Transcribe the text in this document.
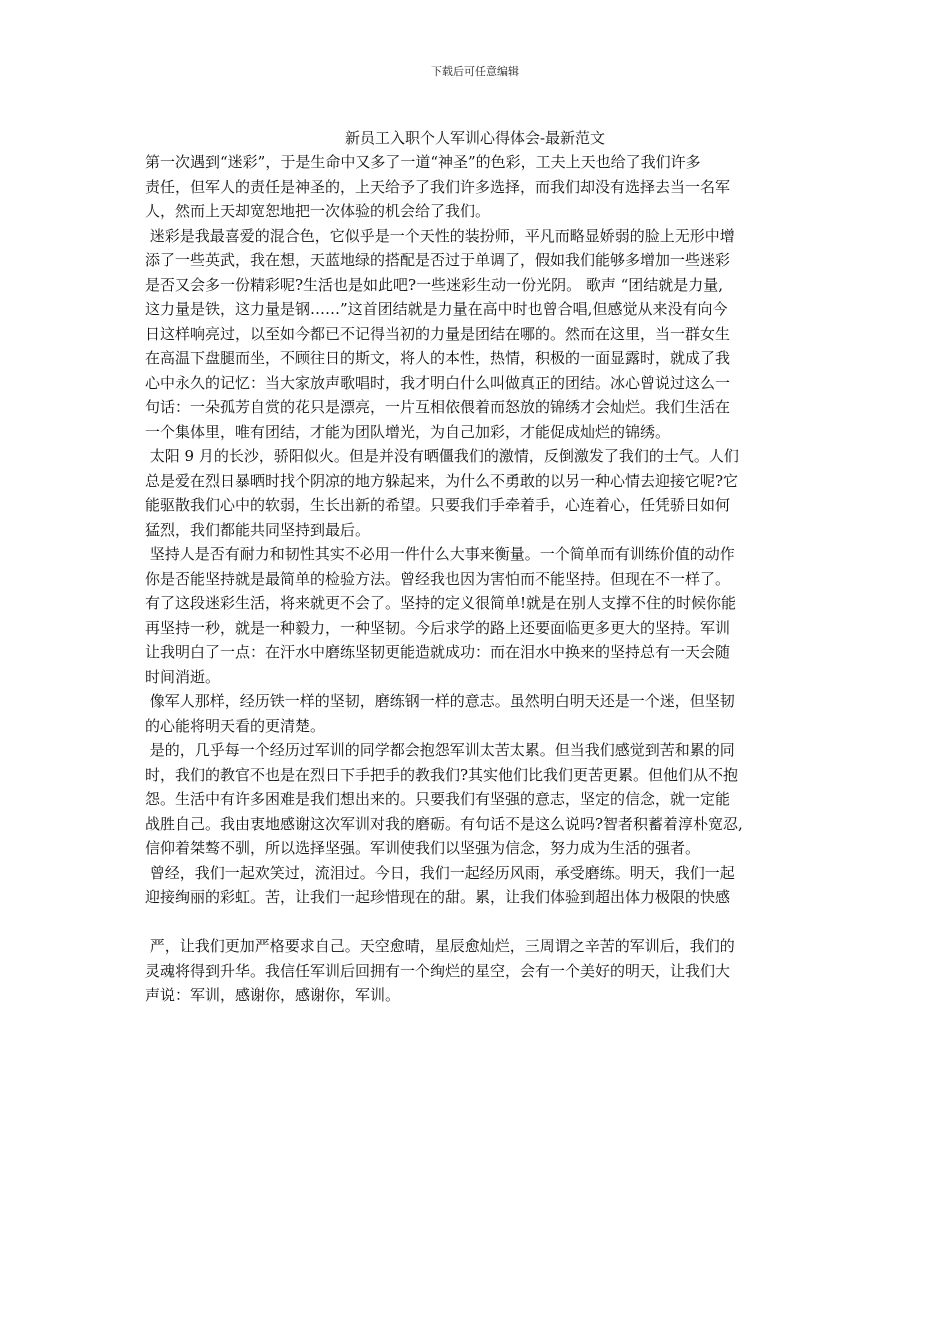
下载后可任意编辑
新员工入职个人军训心得体会-最新范文
第一次遇到“迷彩”，于是生命中又多了一道“神圣”的色彩，工夫上天也给了我们许多
责任，但军人的责任是神圣的，上天给予了我们许多选择，而我们却没有选择去当一名军
人，然而上天却宽恕地把一次体验的机会给了我们。
迷彩是我最喜爱的混合色，它似乎是一个天性的装扮师，平凡而略显娇弱的脸上无形中增
添了一些英武，我在想，天蓝地绿的搭配是否过于单调了，假如我们能够多增加一些迷彩
是否又会多一份精彩呢?生活也是如此吧?一些迷彩生动一份光阴。 歌声 “团结就是力量,
这力量是铁，这力量是钢……”这首团结就是力量在高中时也曾合唱,但感觉从来没有向今
日这样响亮过，以至如今都已不记得当初的力量是团结在哪的。然而在这里，当一群女生
在高温下盘腿而坐，不顾往日的斯文，将人的本性，热情，积极的一面显露时，就成了我
心中永久的记忆：当大家放声歌唱时，我才明白什么叫做真正的团结。冰心曾说过这么一
句话：一朵孤芳自赏的花只是漂亮，一片互相依偎着而怒放的锦绣才会灿烂。我们生活在
一个集体里，唯有团结，才能为团队增光，为自己加彩，才能促成灿烂的锦绣。
太阳 9 月的长沙，骄阳似火。但是并没有晒僵我们的激情，反倒激发了我们的士气。人们
总是爱在烈日暴晒时找个阴凉的地方躲起来，为什么不勇敢的以另一种心情去迎接它呢?它
能驱散我们心中的软弱，生长出新的希望。只要我们手牵着手，心连着心，任凭骄日如何
猛烈，我们都能共同坚持到最后。
坚持人是否有耐力和韧性其实不必用一件什么大事来衡量。一个简单而有训练价值的动作
你是否能坚持就是最简单的检验方法。曾经我也因为害怕而不能坚持。但现在不一样了。
有了这段迷彩生活，将来就更不会了。坚持的定义很简单!就是在别人支撑不住的时候你能
再坚持一秒，就是一种毅力，一种坚韧。今后求学的路上还要面临更多更大的坚持。军训
让我明白了一点：在汗水中磨练坚韧更能造就成功：而在泪水中换来的坚持总有一天会随
时间消逝。
像军人那样，经历铁一样的坚韧，磨练钢一样的意志。虽然明白明天还是一个迷，但坚韧
的心能将明天看的更清楚。
是的，几乎每一个经历过军训的同学都会抱怨军训太苦太累。但当我们感觉到苦和累的同
时，我们的教官不也是在烈日下手把手的教我们?其实他们比我们更苦更累。但他们从不抱
怨。生活中有许多困难是我们想出来的。只要我们有坚强的意志，坚定的信念，就一定能
战胜自己。我由衷地感谢这次军训对我的磨砺。有句话不是这么说吗?智者积蓄着淳朴宽忍,
信仰着桀骜不驯，所以选择坚强。军训使我们以坚强为信念，努力成为生活的强者。
曾经，我们一起欢笑过，流泪过。今日，我们一起经历风雨，承受磨练。明天，我们一起
迎接绚丽的彩虹。苦，让我们一起珍惜现在的甜。累，让我们体验到超出体力极限的快感
严，让我们更加严格要求自己。天空愈晴，星辰愈灿烂，三周谓之辛苦的军训后，我们的
灵魂将得到升华。我信任军训后回拥有一个绚烂的星空，会有一个美好的明天，让我们大
声说：军训，感谢你，感谢你，军训。
